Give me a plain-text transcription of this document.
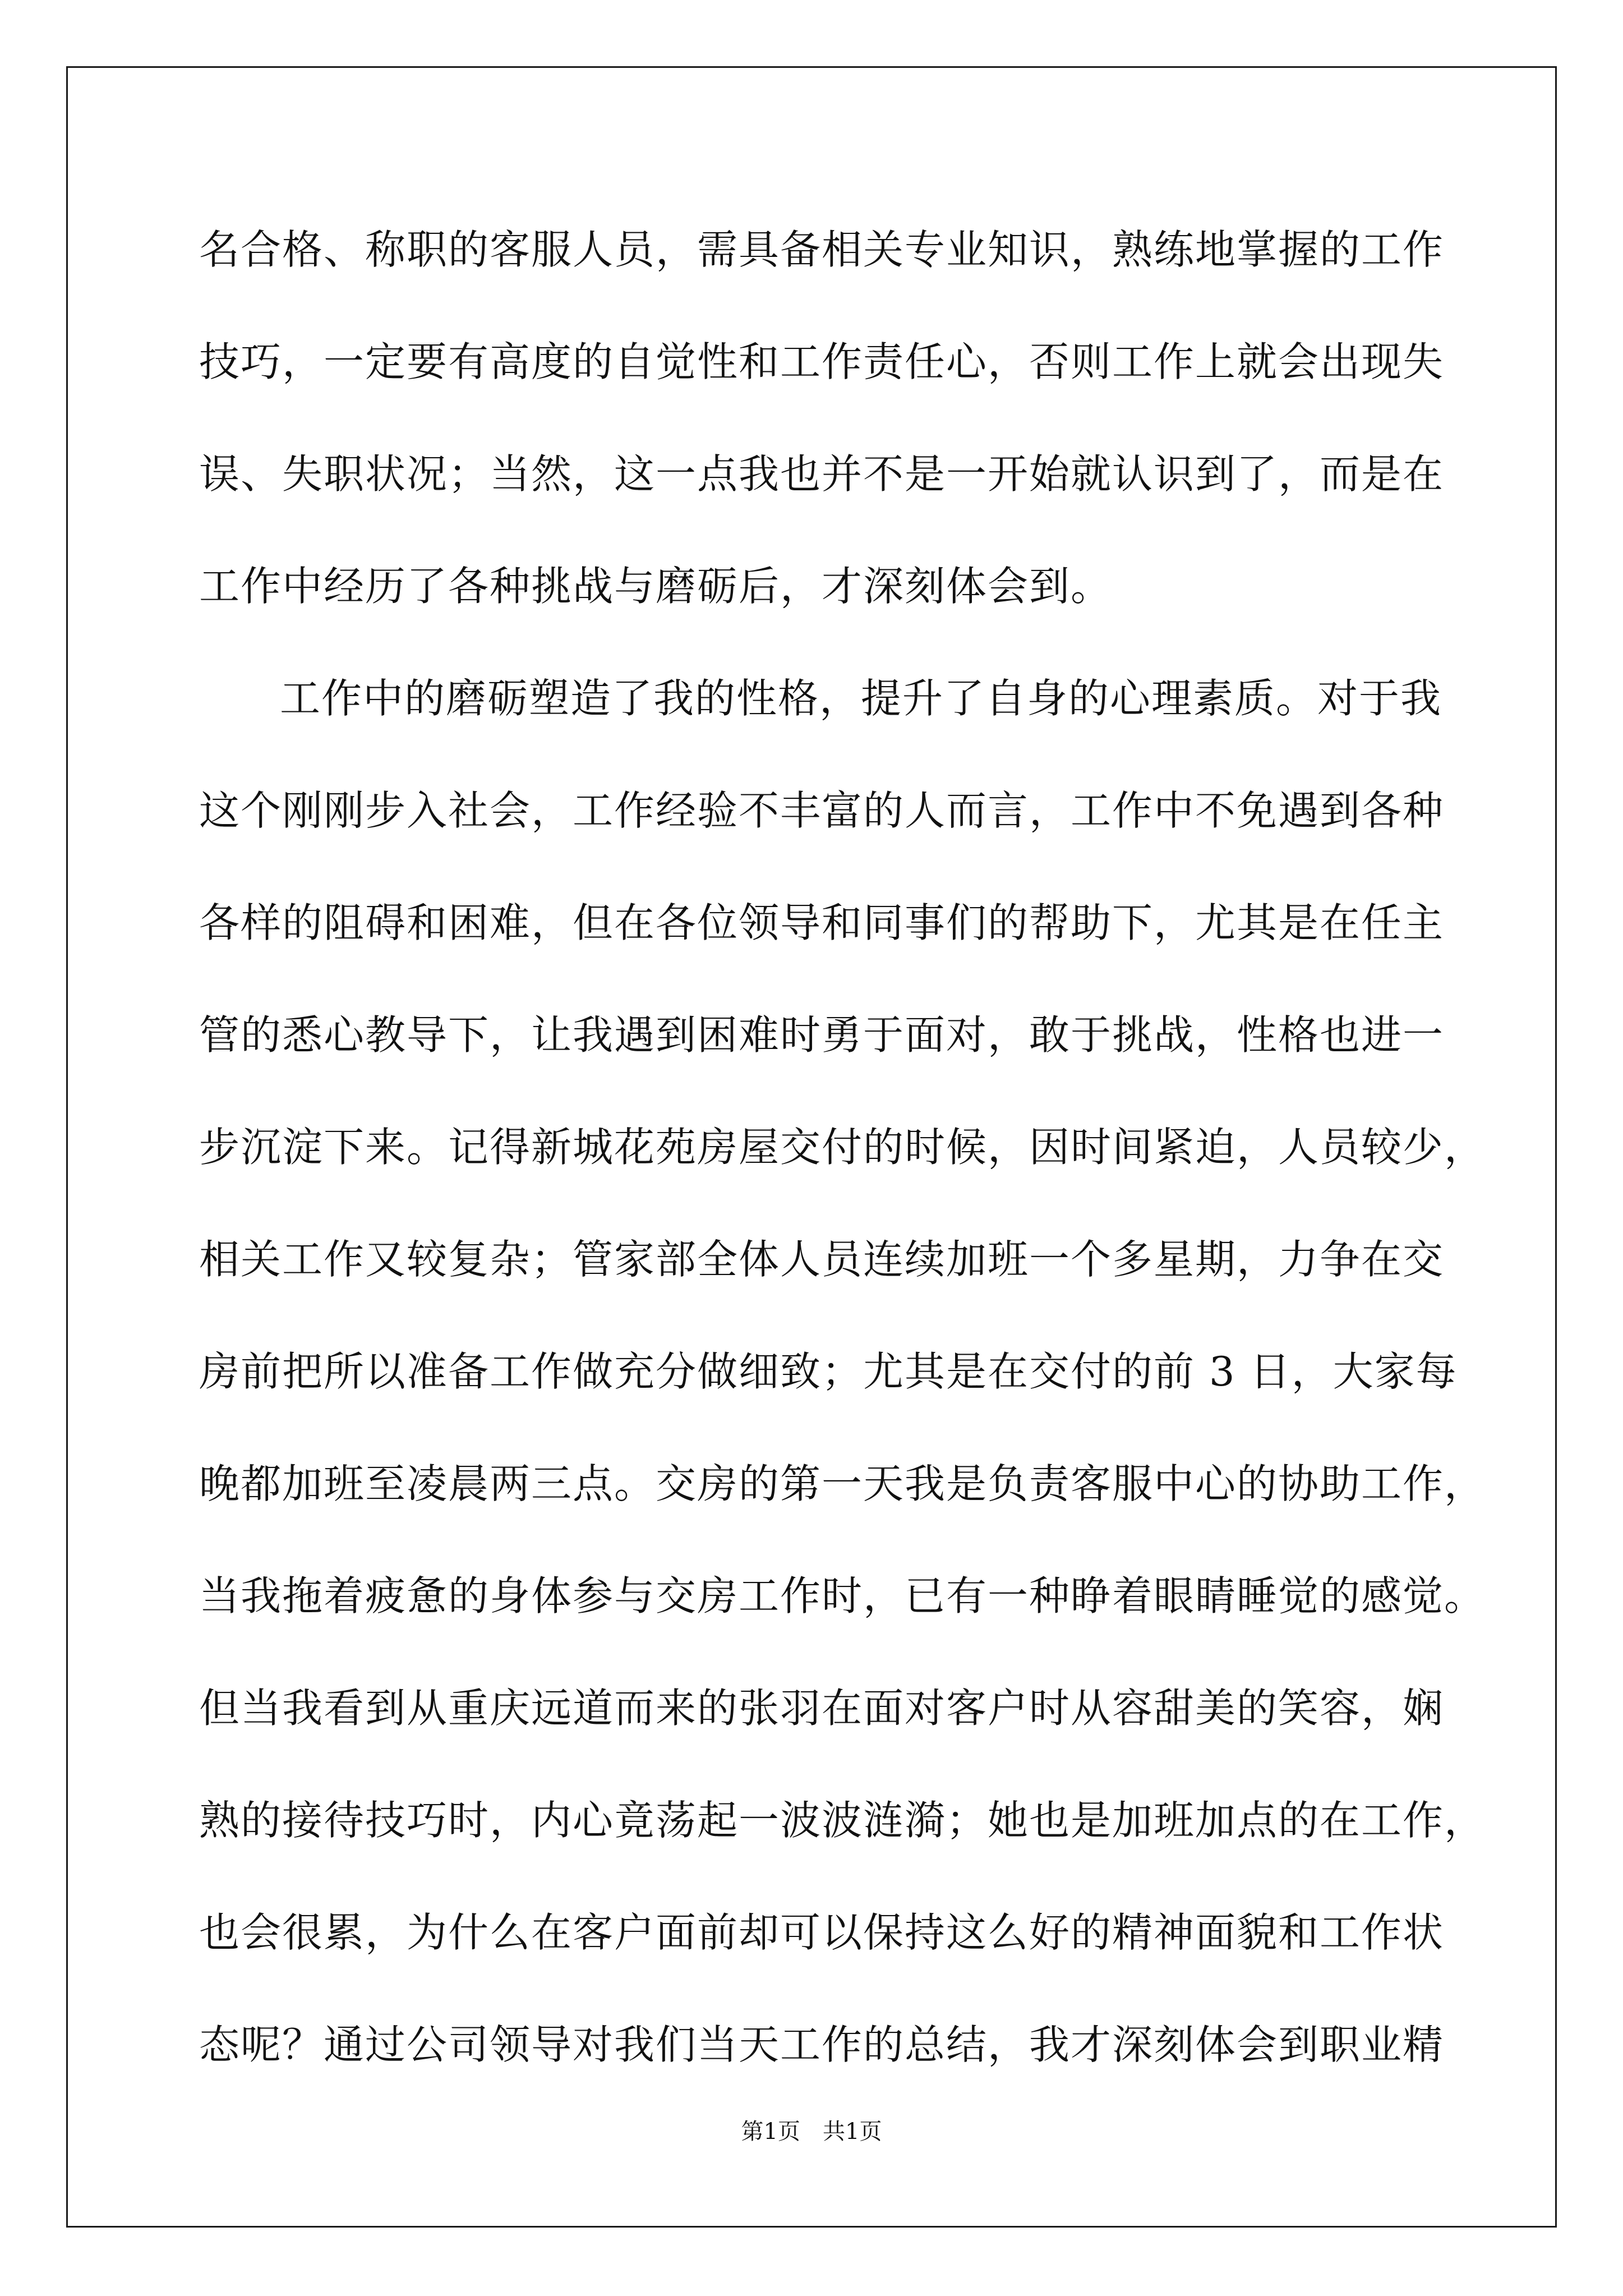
名合格、称职的客服人员，需具备相关专业知识，熟练地掌握的工作
技巧，一定要有高度的自觉性和工作责任心，否则工作上就会出现失
误、失职状况；当然，这一点我也并不是一开始就认识到了，而是在
工作中经历了各种挑战与磨砺后，才深刻体会到。
工作中的磨砺塑造了我的性格，提升了自身的心理素质。对于我
这个刚刚步入社会，工作经验不丰富的人而言，工作中不免遇到各种
各样的阻碍和困难，但在各位领导和同事们的帮助下，尤其是在任主
管的悉心教导下，让我遇到困难时勇于面对，敢于挑战，性格也进一
步沉淀下来。记得新城花苑房屋交付的时候，因时间紧迫，人员较少，
相关工作又较复杂；管家部全体人员连续加班一个多星期，力争在交
房前把所以准备工作做充分做细致；尤其是在交付的前 3 日，大家每
晚都加班至凌晨两三点。交房的第一天我是负责客服中心的协助工作，
当我拖着疲惫的身体参与交房工作时，已有一种睁着眼睛睡觉的感觉。
但当我看到从重庆远道而来的张羽在面对客户时从容甜美的笑容，娴
熟的接待技巧时，内心竟荡起一波波涟漪；她也是加班加点的在工作，
也会很累，为什么在客户面前却可以保持这么好的精神面貌和工作状
态呢？通过公司领导对我们当天工作的总结，我才深刻体会到职业精
第1页　共1页
